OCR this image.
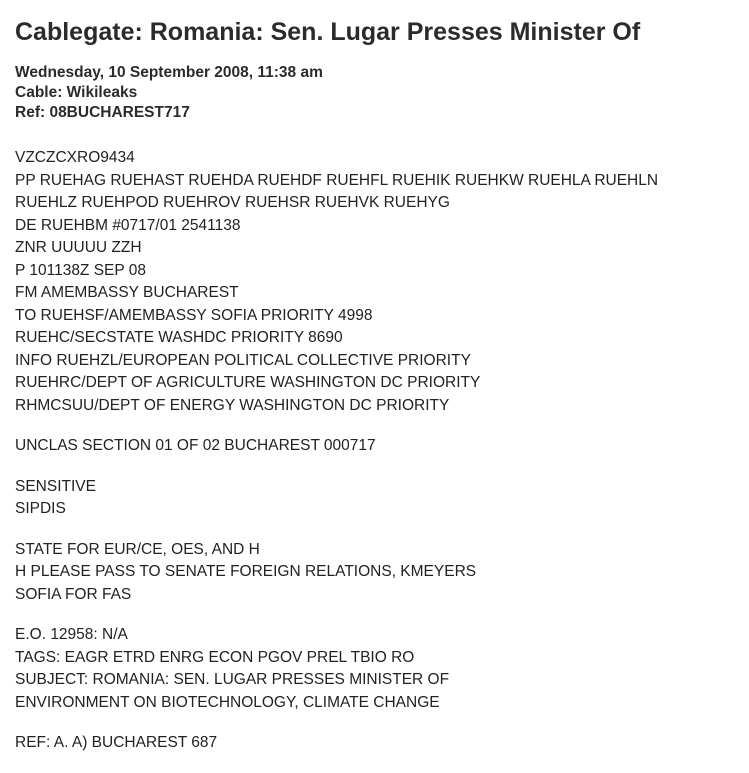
Cablegate: Romania: Sen. Lugar Presses Minister Of
Wednesday, 10 September 2008, 11:38 am
Cable: Wikileaks
Ref: 08BUCHAREST717
VZCZCXRO9434
PP RUEHAG RUEHAST RUEHDA RUEHDF RUEHFL RUEHIK RUEHKW RUEHLA RUEHLN
RUEHLZ RUEHPOD RUEHROV RUEHSR RUEHVK RUEHYG
DE RUEHBM #0717/01 2541138
ZNR UUUUU ZZH
P 101138Z SEP 08
FM AMEMBASSY BUCHAREST
TO RUEHSF/AMEMBASSY SOFIA PRIORITY 4998
RUEHC/SECSTATE WASHDC PRIORITY 8690
INFO RUEHZL/EUROPEAN POLITICAL COLLECTIVE PRIORITY
RUEHRC/DEPT OF AGRICULTURE WASHINGTON DC PRIORITY
RHMCSUU/DEPT OF ENERGY WASHINGTON DC PRIORITY
UNCLAS SECTION 01 OF 02 BUCHAREST 000717
SENSITIVE
SIPDIS
STATE FOR EUR/CE, OES, AND H
H PLEASE PASS TO SENATE FOREIGN RELATIONS, KMEYERS
SOFIA FOR FAS
E.O. 12958: N/A
TAGS: EAGR ETRD ENRG ECON PGOV PREL TBIO RO
SUBJECT: ROMANIA: SEN. LUGAR PRESSES MINISTER OF
ENVIRONMENT ON BIOTECHNOLOGY, CLIMATE CHANGE
REF: A. A) BUCHAREST 687
